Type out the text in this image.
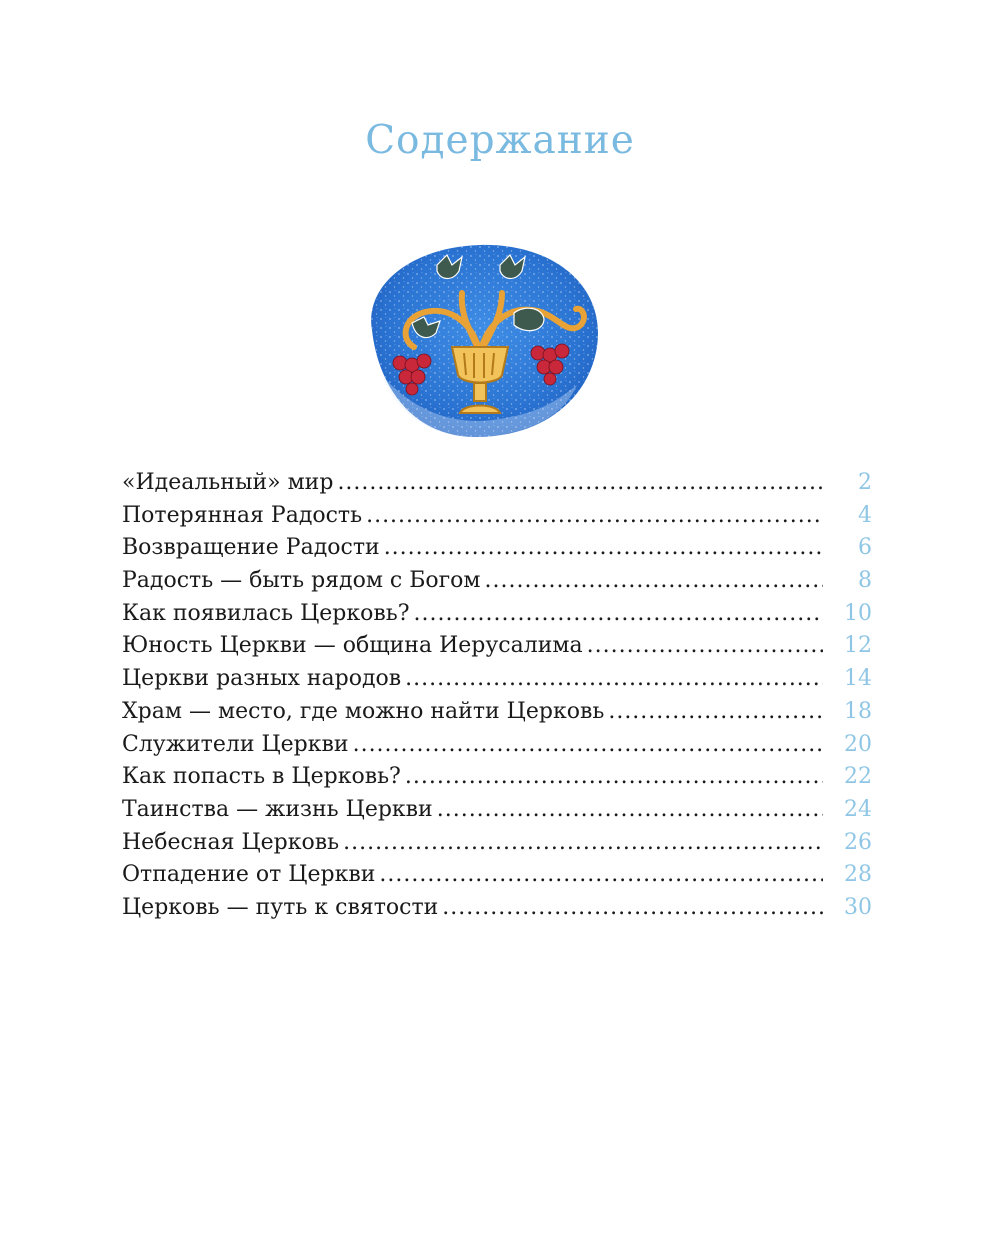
Содержание
«Идеальный» мир .....	2
Потерянная Радость .....	4
Возвращение Радости .....	6
Радость — быть рядом с Богом .....	8
Как появилась Церковь? .....	10
Юность Церкви — община Иерусалима .....	12
Церкви разных народов .....	14
Храм — место, где можно найти Церковь .....	18
Служители Церкви .....	20
Как попасть в Церковь? .....	22
Таинства — жизнь Церкви .....	24
Небесная Церковь .....	26
Отпадение от Церкви .....	28
Церковь — путь к святости .....	30
